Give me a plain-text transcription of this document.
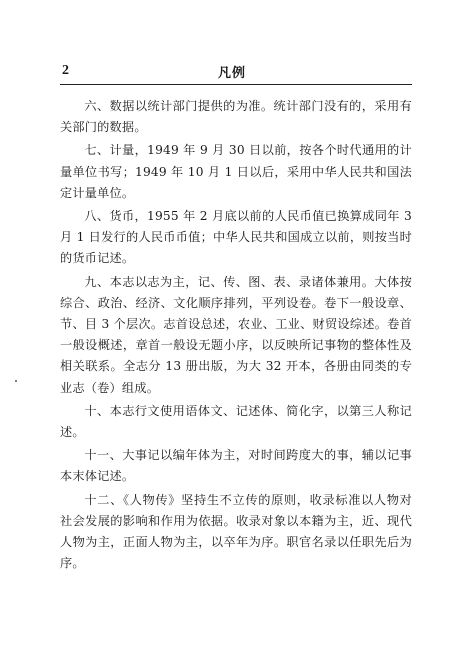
2	凡例

六、数据以统计部门提供的为准。统计部门没有的，采用有关部门的数据。

七、计量，1949 年 9 月 30 日以前，按各个时代通用的计量单位书写；1949 年 10 月 1 日以后，采用中华人民共和国法定计量单位。

八、货币，1955 年 2 月底以前的人民币值已换算成同年 3 月 1 日发行的人民币币值；中华人民共和国成立以前，则按当时的货币记述。

九、本志以志为主，记、传、图、表、录诸体兼用。大体按综合、政治、经济、文化顺序排列，平列设卷。卷下一般设章、节、目 3 个层次。志首设总述，农业、工业、财贸设综述。卷首一般设概述，章首一般设无题小序，以反映所记事物的整体性及相关联系。全志分 13 册出版，为大 32 开本，各册由同类的专业志（卷）组成。

十、本志行文使用语体文、记述体、简化字，以第三人称记述。

十一、大事记以编年体为主，对时间跨度大的事，辅以记事本末体记述。

十二、《人物传》坚持生不立传的原则，收录标准以人物对社会发展的影响和作用为依据。收录对象以本籍为主，近、现代人物为主，正面人物为主，以卒年为序。职官名录以任职先后为序。
